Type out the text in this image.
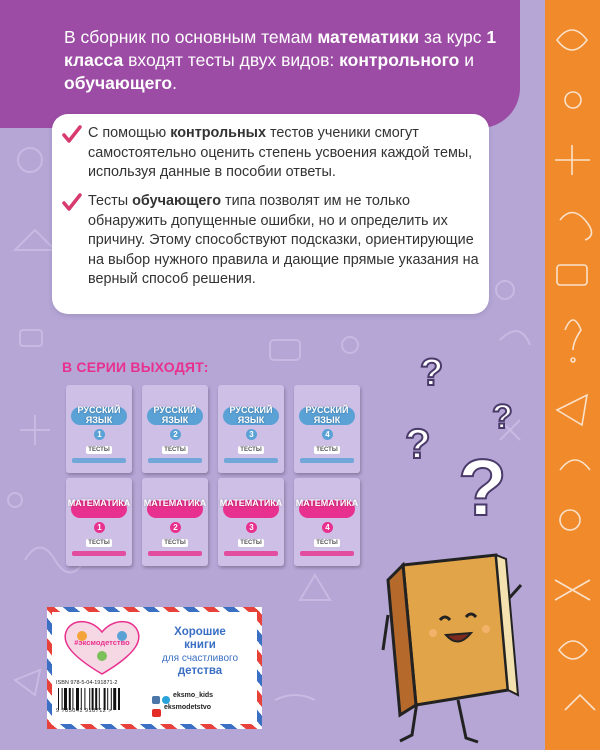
В сборник по основным темам математики за курс 1 класса входят тесты двух видов: контрольного и обучающего.
С помощью контрольных тестов ученики смогут самостоятельно оценить степень усвоения каждой темы, используя данные в пособии ответы.
Тесты обучающего типа позволят им не только обнаружить допущенные ошибки, но и определить их причину. Этому способствуют подсказки, ориентирующие на выбор нужного правила и дающие прямые указания на верный способ решения.
В СЕРИИ ВЫХОДЯТ:
РУССКИЙ ЯЗЫК
1
ТЕСТЫ
РУССКИЙ ЯЗЫК
2
ТЕСТЫ
РУССКИЙ ЯЗЫК
3
ТЕСТЫ
РУССКИЙ ЯЗЫК
4
ТЕСТЫ
МАТЕМАТИКА
1
ТЕСТЫ
МАТЕМАТИКА
2
ТЕСТЫ
МАТЕМАТИКА
3
ТЕСТЫ
МАТЕМАТИКА
4
ТЕСТЫ
?
?
? ?
#эксмодетство
Хорошие
книги
для счастливого
детства
ISBN 978-5-04-191871-2
9 785041 918712 >
eksmo_kids
eksmodetstvo
